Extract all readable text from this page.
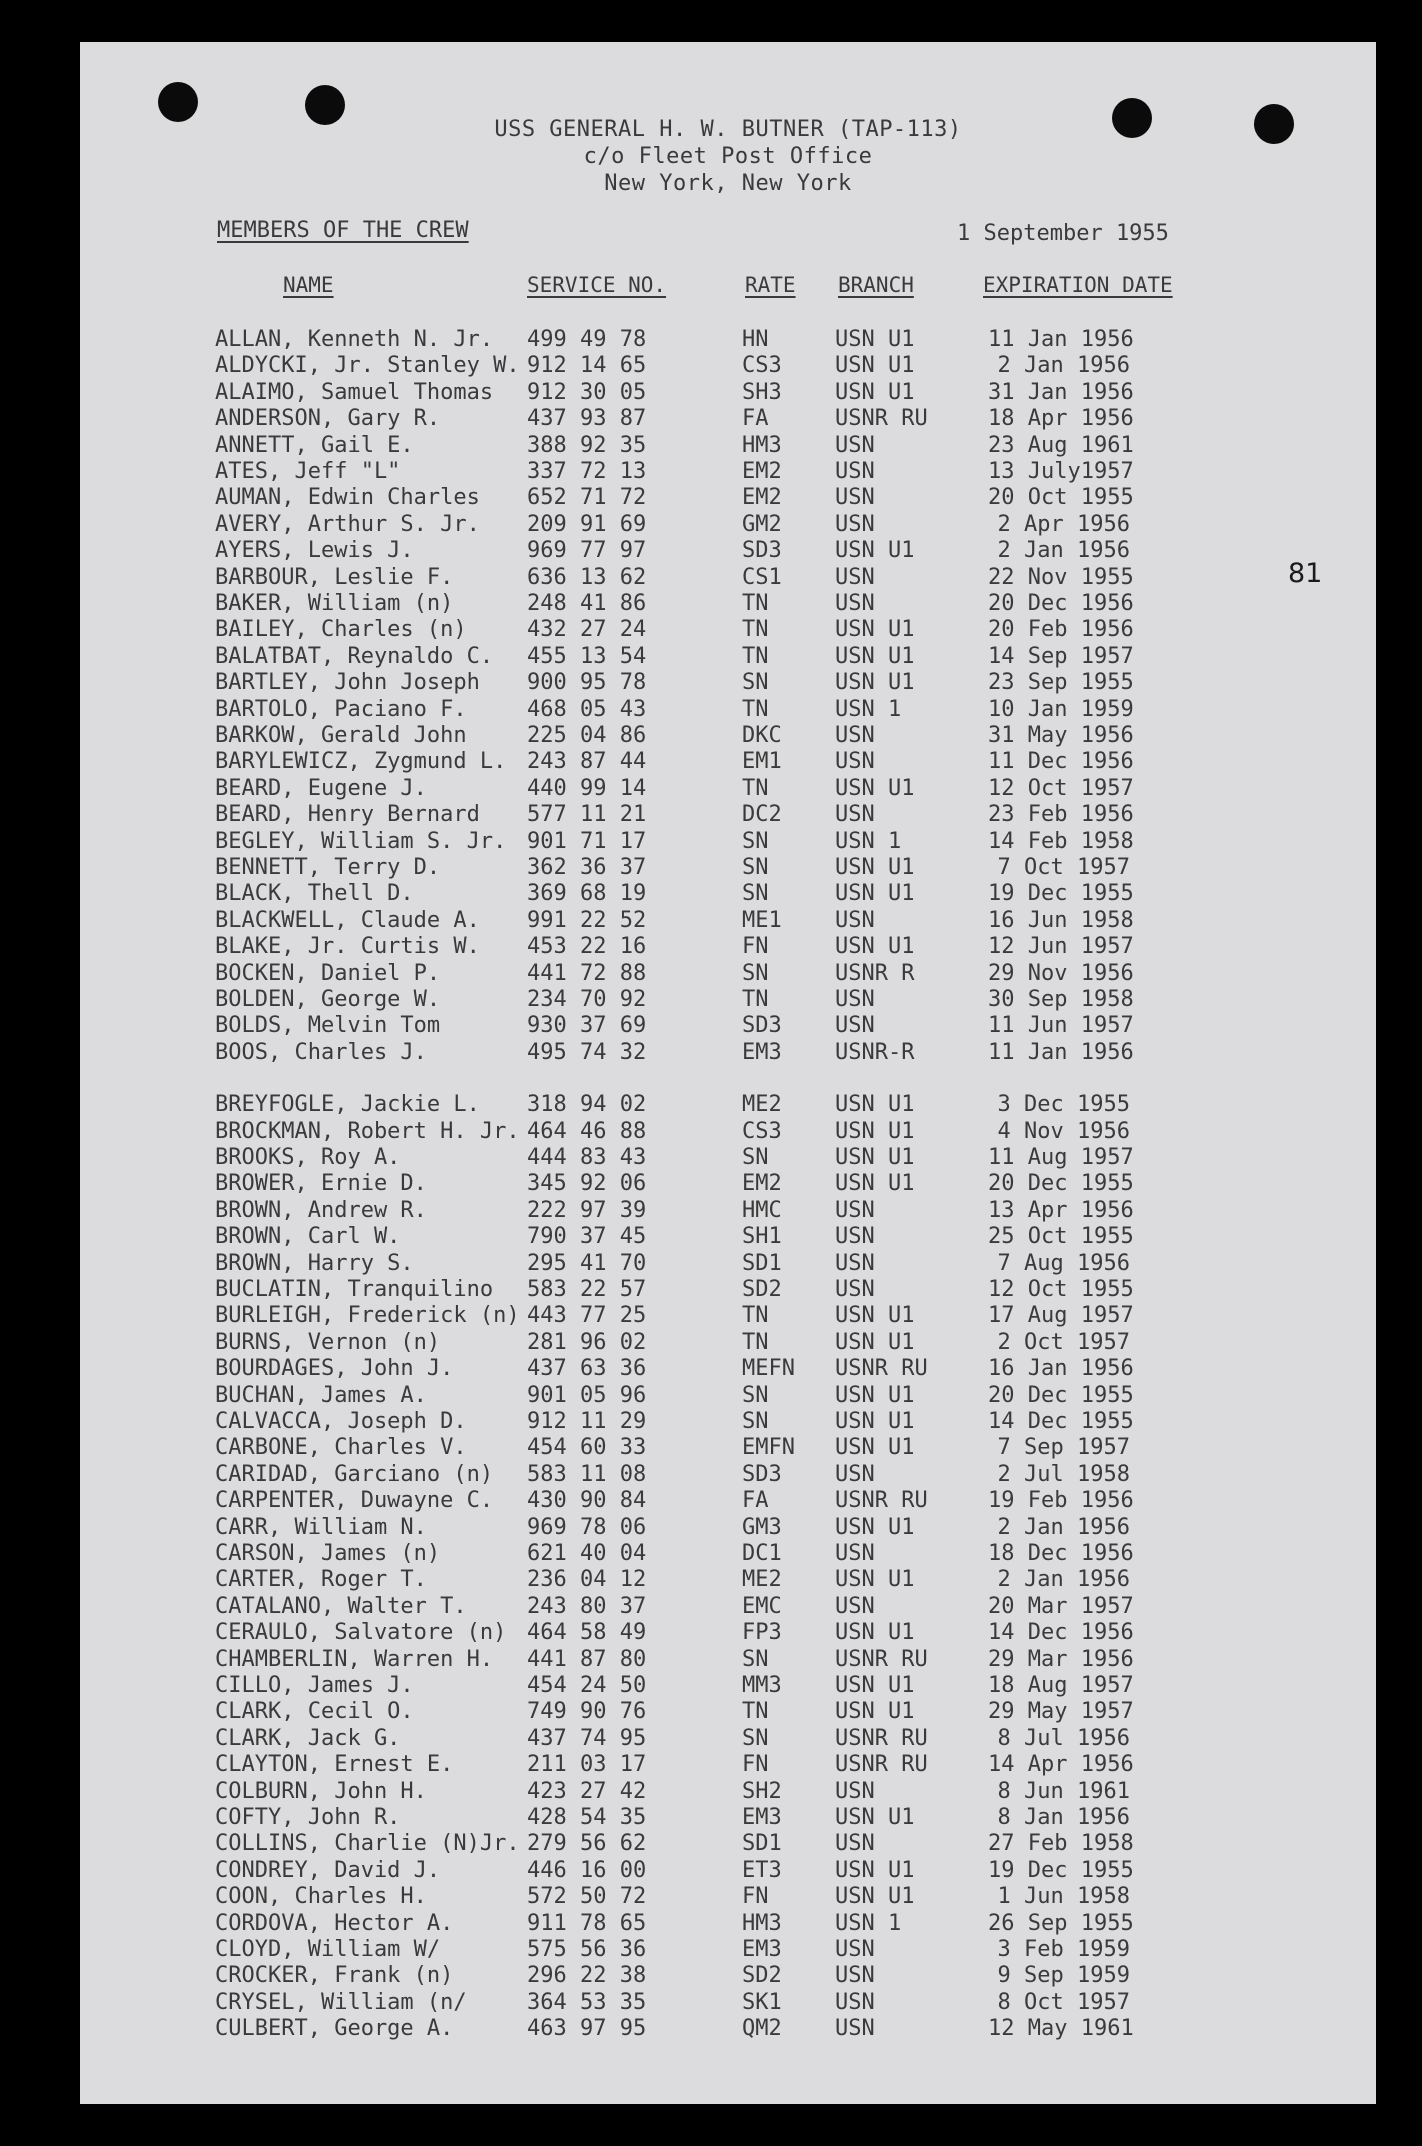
USS GENERAL H. W. BUTNER (TAP-113)
c/o Fleet Post Office
New York, New York
MEMBERS OF THE CREW	1 September 1955
81
NAME	SERVICE NO.	RATE BRANCH	EXPIRATION DATE
ALLAN, Kenneth N. Jr. 499 49 78	HN	USN U1	11 Jan 1956
ALDYCKI, Jr. Stanley W. 912 14 65	CS3 USN U1	2 Jan 1956
ALAIMO, Samuel Thomas 912 30 05	SH3 USN U1	31 Jan 1956
ANDERSON, Gary R.	437 93 87	FA	USNR RU	18 Apr 1956
ANNETT, Gail E.	388 92 35	HM3 USN	23 Aug 1961
ATES, Jeff "L"	337 72 13	EM2 USN	13 July1957
AUMAN, Edwin Charles 652 71 72	EM2 USN	20 Oct 1955
AVERY, Arthur S. Jr. 209 91 69	GM2 USN	2 Apr 1956
AYERS, Lewis J.	969 77 97	SD3 USN U1	2 Jan 1956
BARBOUR, Leslie F.	636 13 62	CS1 USN	22 Nov 1955
BAKER, William (n)	248 41 86	TN	USN	20 Dec 1956
BAILEY, Charles (n)	432 27 24	TN	USN U1	20 Feb 1956
BALATBAT, Reynaldo C. 455 13 54	TN	USN U1	14 Sep 1957
BARTLEY, John Joseph 900 95 78	SN	USN U1	23 Sep 1955
BARTOLO, Paciano F.	468 05 43	TN	USN 1	10 Jan 1959
BARKOW, Gerald John	225 04 86	DKC USN	31 May 1956
BARYLEWICZ, Zygmund L. 243 87 44	EM1 USN	11 Dec 1956
BEARD, Eugene J.	440 99 14	TN	USN U1	12 Oct 1957
BEARD, Henry Bernard 577 11 21	DC2 USN	23 Feb 1956
BEGLEY, William S. Jr. 901 71 17	SN	USN 1	14 Feb 1958
BENNETT, Terry D.	362 36 37	SN	USN U1	7 Oct 1957
BLACK, Thell D.	369 68 19	SN	USN U1	19 Dec 1955
BLACKWELL, Claude A. 991 22 52	ME1 USN	16 Jun 1958
BLAKE, Jr. Curtis W. 453 22 16	FN	USN U1	12 Jun 1957
BOCKEN, Daniel P.	441 72 88	SN	USNR R	29 Nov 1956
BOLDEN, George W.	234 70 92	TN	USN	30 Sep 1958
BOLDS, Melvin Tom	930 37 69	SD3 USN	11 Jun 1957
BOOS, Charles J.	495 74 32	EM3 USNR-R	11 Jan 1956
BREYFOGLE, Jackie L. 318 94 02	ME2 USN U1	3 Dec 1955
BROCKMAN, Robert H. Jr. 464 46 88	CS3 USN U1	4 Nov 1956
BROOKS, Roy A.	444 83 43	SN	USN U1	11 Aug 1957
BROWER, Ernie D.	345 92 06	EM2 USN U1	20 Dec 1955
BROWN, Andrew R.	222 97 39	HMC USN	13 Apr 1956
BROWN, Carl W.	790 37 45	SH1 USN	25 Oct 1955
BROWN, Harry S.	295 41 70	SD1 USN	7 Aug 1956
BUCLATIN, Tranquilino 583 22 57	SD2 USN	12 Oct 1955
BURLEIGH, Frederick (n) 443 77 25	TN	USN U1	17 Aug 1957
BURNS, Vernon (n)	281 96 02	TN	USN U1	2 Oct 1957
BOURDAGES, John J.	437 63 36	MEFN USNR RU	16 Jan 1956
BUCHAN, James A.	901 05 96	SN	USN U1	20 Dec 1955
CALVACCA, Joseph D.	912 11 29	SN	USN U1	14 Dec 1955
CARBONE, Charles V.	454 60 33	EMFN USN U1	7 Sep 1957
CARIDAD, Garciano (n) 583 11 08	SD3 USN	2 Jul 1958
CARPENTER, Duwayne C. 430 90 84	FA	USNR RU	19 Feb 1956
CARR, William N.	969 78 06	GM3 USN U1	2 Jan 1956
CARSON, James (n)	621 40 04	DC1 USN	18 Dec 1956
CARTER, Roger T.	236 04 12	ME2 USN U1	2 Jan 1956
CATALANO, Walter T.	243 80 37	EMC USN	20 Mar 1957
CERAULO, Salvatore (n) 464 58 49	FP3 USN U1	14 Dec 1956
CHAMBERLIN, Warren H. 441 87 80	SN	USNR RU	29 Mar 1956
CILLO, James J.	454 24 50	MM3 USN U1	18 Aug 1957
CLARK, Cecil O.	749 90 76	TN	USN U1	29 May 1957
CLARK, Jack G.	437 74 95	SN	USNR RU	8 Jul 1956
CLAYTON, Ernest E.	211 03 17	FN	USNR RU	14 Apr 1956
COLBURN, John H.	423 27 42	SH2 USN	8 Jun 1961
COFTY, John R.	428 54 35	EM3 USN U1	8 Jan 1956
COLLINS, Charlie (N)Jr. 279 56 62	SD1 USN	27 Feb 1958
CONDREY, David J.	446 16 00	ET3 USN U1	19 Dec 1955
COON, Charles H.	572 50 72	FN	USN U1	1 Jun 1958
CORDOVA, Hector A.	911 78 65	HM3 USN 1	26 Sep 1955
CLOYD, William W/	575 56 36	EM3 USN	3 Feb 1959
CROCKER, Frank (n)	296 22 38	SD2 USN	9 Sep 1959
CRYSEL, William (n/	364 53 35	SK1 USN	8 Oct 1957
CULBERT, George A.	463 97 95	QM2 USN	12 May 1961
